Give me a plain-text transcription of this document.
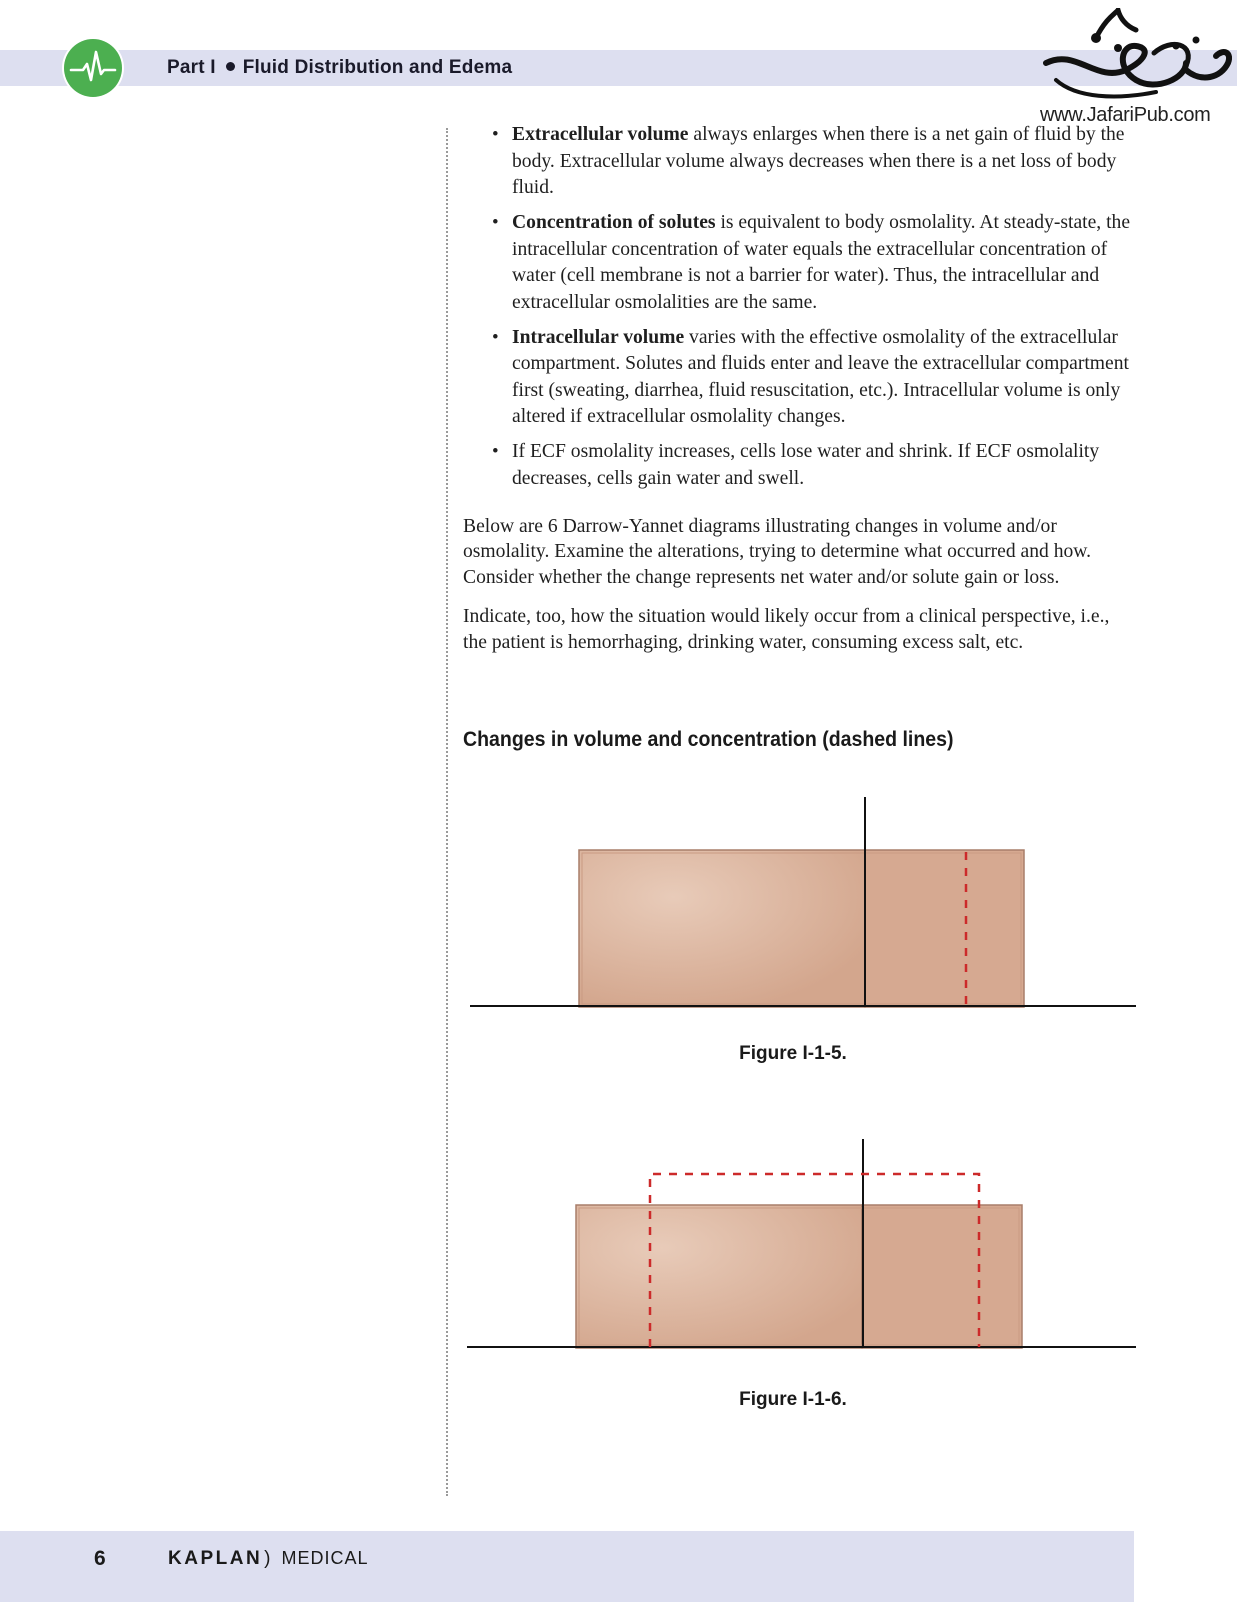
Part I Fluid Distribution and Edema
www.JafariPub.com
• Extracellular volume always enlarges when there is a net gain of fluid by the body. Extracellular volume always decreases when there is a net loss of body fluid.
• Concentration of solutes is equivalent to body osmolality. At steady-state, the intracellular concentration of water equals the extracellular concentration of water (cell membrane is not a barrier for water). Thus, the intracellular and extracellular osmolalities are the same.
• Intracellular volume varies with the effective osmolality of the extracellular compartment. Solutes and fluids enter and leave the extracellular compartment first (sweating, diarrhea, fluid resuscitation, etc.). Intracellular volume is only altered if extracellular osmolality changes.
• If ECF osmolality increases, cells lose water and shrink. If ECF osmolality decreases, cells gain water and swell.

Below are 6 Darrow-Yannet diagrams illustrating changes in volume and/or osmolality. Examine the alterations, trying to determine what occurred and how. Consider whether the change represents net water and/or solute gain or loss.

Indicate, too, how the situation would likely occur from a clinical perspective, i.e., the patient is hemorrhaging, drinking water, consuming excess salt, etc.

Changes in volume and concentration (dashed lines)
Figure I-1-5.
Figure I-1-6.
6	KAPLAN ) MEDICAL
